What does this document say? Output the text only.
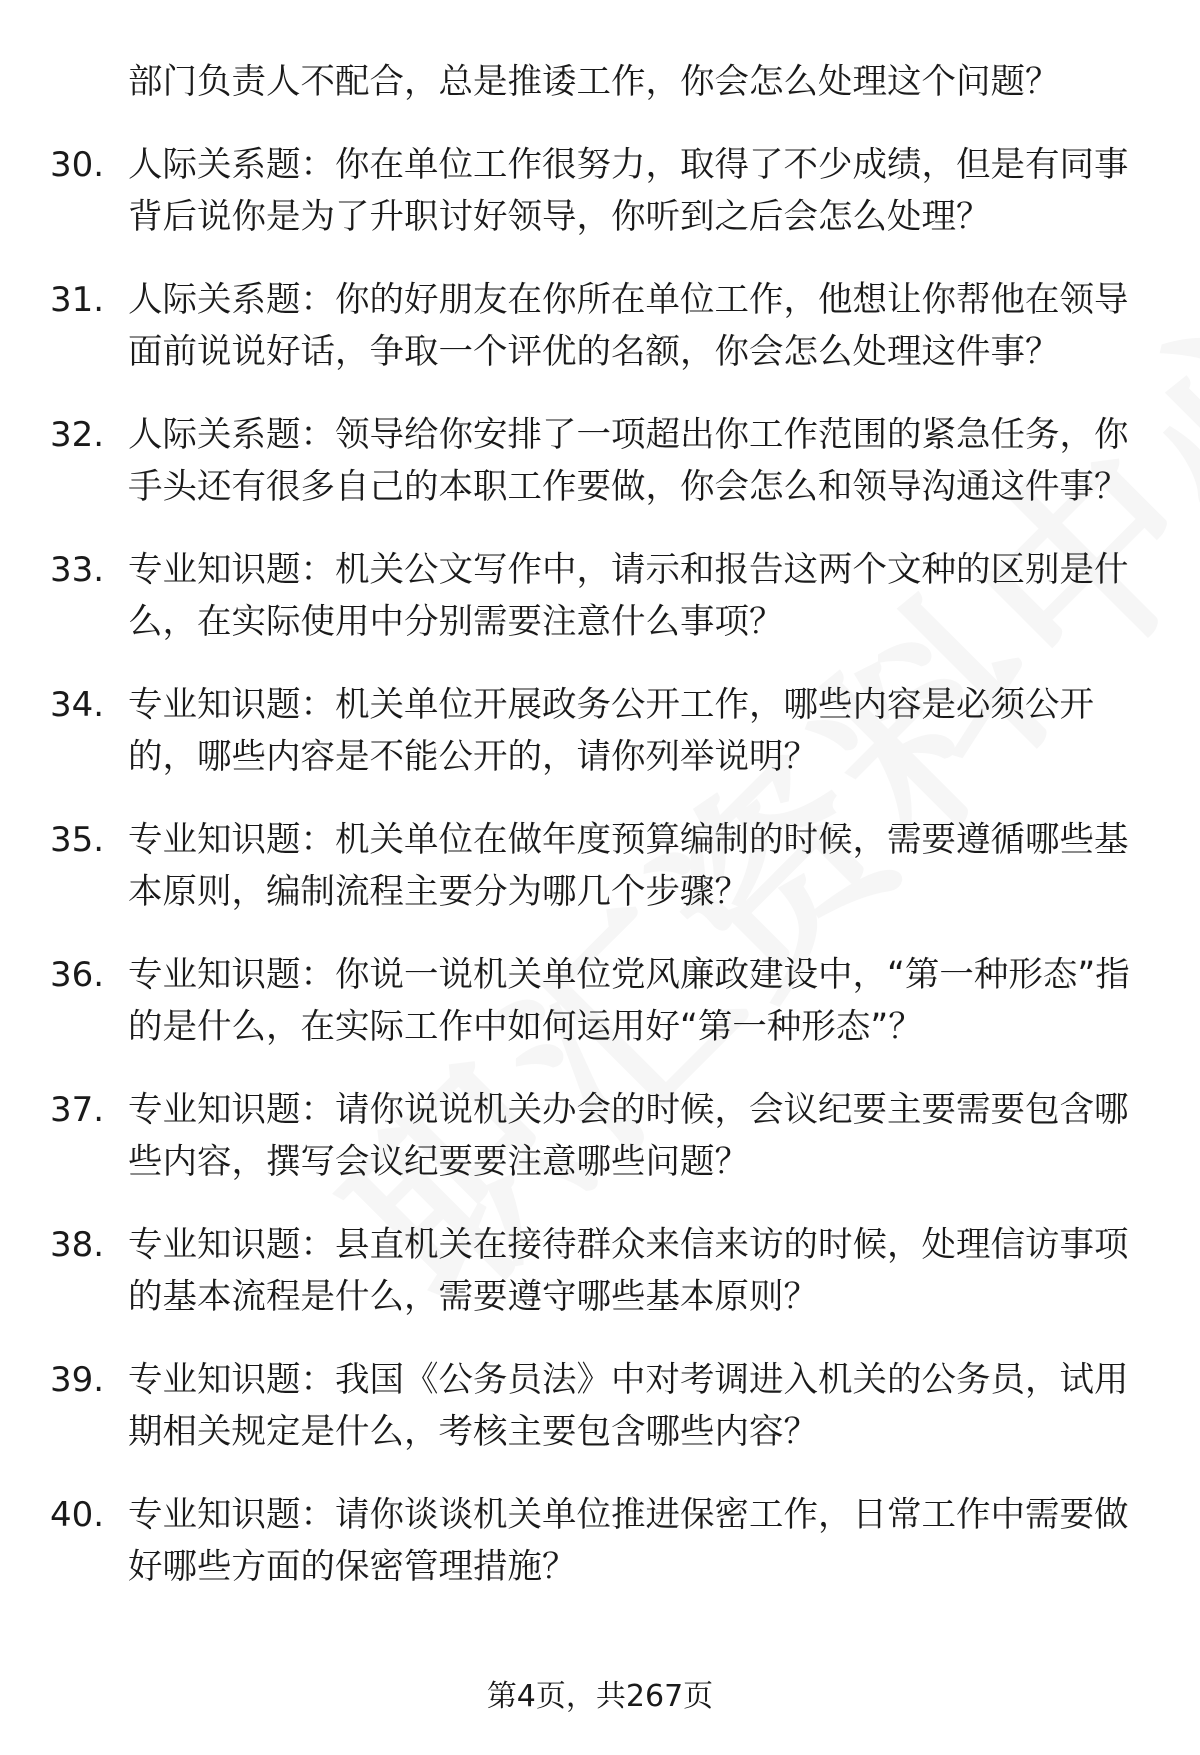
部门负责人不配合，总是推诿工作，你会怎么处理这个问题？
30. 人际关系题：你在单位工作很努力，取得了不少成绩，但是有同事背后说你是为了升职讨好领导，你听到之后会怎么处理？
31. 人际关系题：你的好朋友在你所在单位工作，他想让你帮他在领导面前说说好话，争取一个评优的名额，你会怎么处理这件事？
32. 人际关系题：领导给你安排了一项超出你工作范围的紧急任务，你手头还有很多自己的本职工作要做，你会怎么和领导沟通这件事？
33. 专业知识题：机关公文写作中，请示和报告这两个文种的区别是什么，在实际使用中分别需要注意什么事项？
34. 专业知识题：机关单位开展政务公开工作，哪些内容是必须公开的，哪些内容是不能公开的，请你列举说明？
35. 专业知识题：机关单位在做年度预算编制的时候，需要遵循哪些基本原则，编制流程主要分为哪几个步骤？
36. 专业知识题：你说一说机关单位党风廉政建设中，“第一种形态”指的是什么，在实际工作中如何运用好“第一种形态”？
37. 专业知识题：请你说说机关办会的时候，会议纪要主要需要包含哪些内容，撰写会议纪要要注意哪些问题？
38. 专业知识题：县直机关在接待群众来信来访的时候，处理信访事项的基本流程是什么，需要遵守哪些基本原则？
39. 专业知识题：我国《公务员法》中对考调进入机关的公务员，试用期相关规定是什么，考核主要包含哪些内容？
40. 专业知识题：请你谈谈机关单位推进保密工作，日常工作中需要做好哪些方面的保密管理措施？
第4页，共267页
